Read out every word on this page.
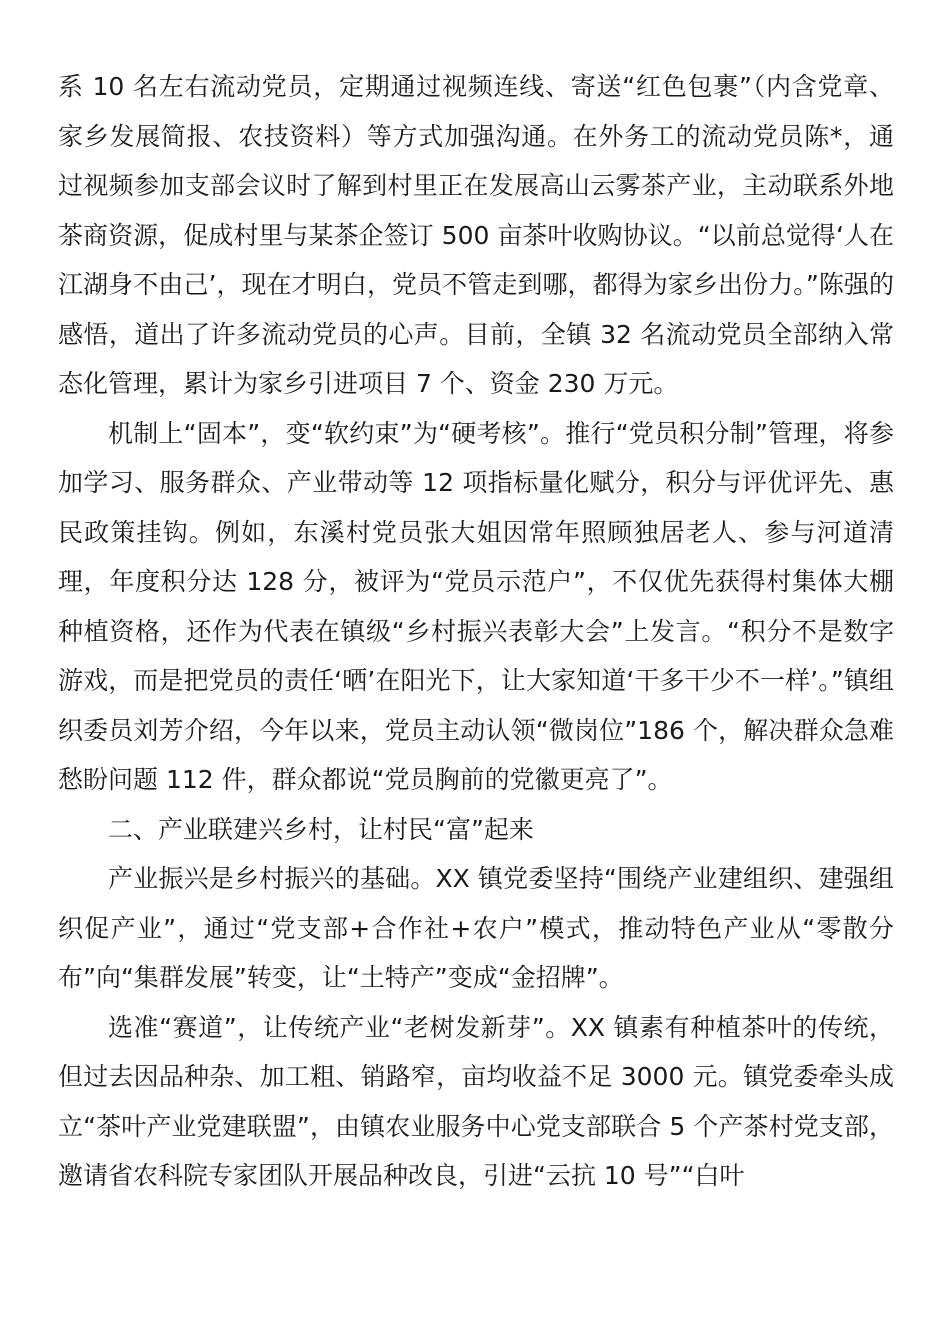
系 10 名左右流动党员，定期通过视频连线、寄送“红色包裹”（内含党章、家乡发展简报、农技资料）等方式加强沟通。在外务工的流动党员陈*，通过视频参加支部会议时了解到村里正在发展高山云雾茶产业，主动联系外地茶商资源，促成村里与某茶企签订 500 亩茶叶收购协议。“以前总觉得‘人在江湖身不由己’，现在才明白，党员不管走到哪，都得为家乡出份力。”陈强的感悟，道出了许多流动党员的心声。目前，全镇 32 名流动党员全部纳入常态化管理，累计为家乡引进项目 7 个、资金 230 万元。

机制上“固本”，变“软约束”为“硬考核”。推行“党员积分制”管理，将参加学习、服务群众、产业带动等 12 项指标量化赋分，积分与评优评先、惠民政策挂钩。例如，东溪村党员张大姐因常年照顾独居老人、参与河道清理，年度积分达 128 分，被评为“党员示范户”，不仅优先获得村集体大棚种植资格，还作为代表在镇级“乡村振兴表彰大会”上发言。“积分不是数字游戏，而是把党员的责任‘晒’在阳光下，让大家知道‘干多干少不一样’。”镇组织委员刘芳介绍，今年以来，党员主动认领“微岗位”186 个，解决群众急难愁盼问题 112 件，群众都说“党员胸前的党徽更亮了”。

二、产业联建兴乡村，让村民“富”起来

产业振兴是乡村振兴的基础。XX 镇党委坚持“围绕产业建组织、建强组织促产业”，通过“党支部+合作社+农户”模式，推动特色产业从“零散分布”向“集群发展”转变，让“土特产”变成“金招牌”。

选准“赛道”，让传统产业“老树发新芽”。XX 镇素有种植茶叶的传统，但过去因品种杂、加工粗、销路窄，亩均收益不足 3000 元。镇党委牵头成立“茶叶产业党建联盟”，由镇农业服务中心党支部联合 5 个产茶村党支部，邀请省农科院专家团队开展品种改良，引进“云抗 10 号”“白叶
